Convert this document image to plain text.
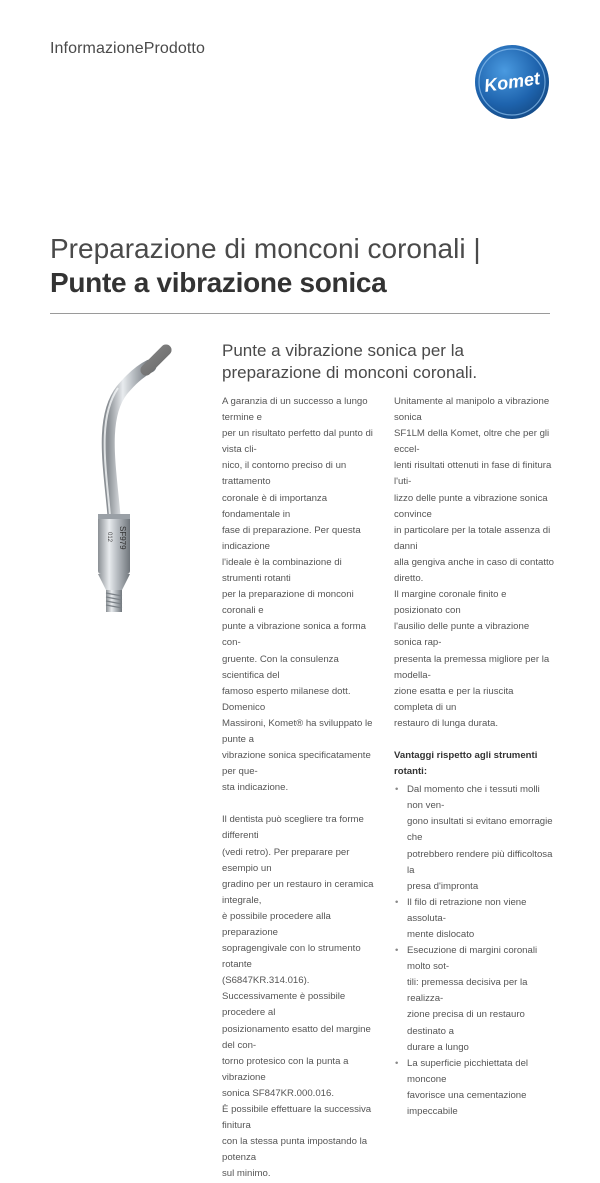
InformazioneProdotto
Komet
Preparazione di monconi coronali |
Punte a vibrazione sonica
SF979
012
Punte a vibrazione sonica per la
preparazione di monconi coronali.

A garanzia di un successo a lungo termine e

per un risultato perfetto dal punto di vista cli-

nico, il contorno preciso di un trattamento

coronale è di importanza fondamentale in

fase di preparazione. Per questa indicazione

l'ideale è la combinazione di strumenti rotanti

per la preparazione di monconi coronali e

punte a vibrazione sonica a forma con-

gruente. Con la consulenza scientifica del

famoso esperto milanese dott. Domenico

Massironi, Komet® ha sviluppato le punte a

vibrazione sonica specificatamente per que-

sta indicazione.

Il dentista può scegliere tra forme differenti

(vedi retro). Per preparare per esempio un

gradino per un restauro in ceramica integrale,

è possibile procedere alla preparazione

sopragengivale con lo strumento rotante

(S6847KR.314.016).

Successivamente è possibile procedere al

posizionamento esatto del margine del con-

torno protesico con la punta a vibrazione

sonica SF847KR.000.016.

È possibile effettuare la successiva finitura

con la stessa punta impostando la potenza

sul minimo.

Unitamente al manipolo a vibrazione sonica

SF1LM della Komet, oltre che per gli eccel-

lenti risultati ottenuti in fase di finitura l'uti-

lizzo delle punte a vibrazione sonica convince

in particolare per la totale assenza di danni

alla gengiva anche in caso di contatto diretto.

Il margine coronale finito e posizionato con

l'ausilio delle punte a vibrazione sonica rap-

presenta la premessa migliore per la modellа-

zione esatta e per la riuscita completa di un

restauro di lunga durata.

Vantaggi rispetto agli strumenti rotanti:

• Dal momento che i tessuti molli non ven-
gono insultati si evitano emorragie che
potrebbero rendere più difficoltosa la
presa d'impronta
• Il filo di retrazione non viene assoluta-
mente dislocato
• Esecuzione di margini coronali molto sot-
tili: premessa decisiva per la realizza-
zione precisa di un restauro destinato a
durare a lungo
• La superficie picchiettata del moncone
favorisce una cementazione impeccabile
